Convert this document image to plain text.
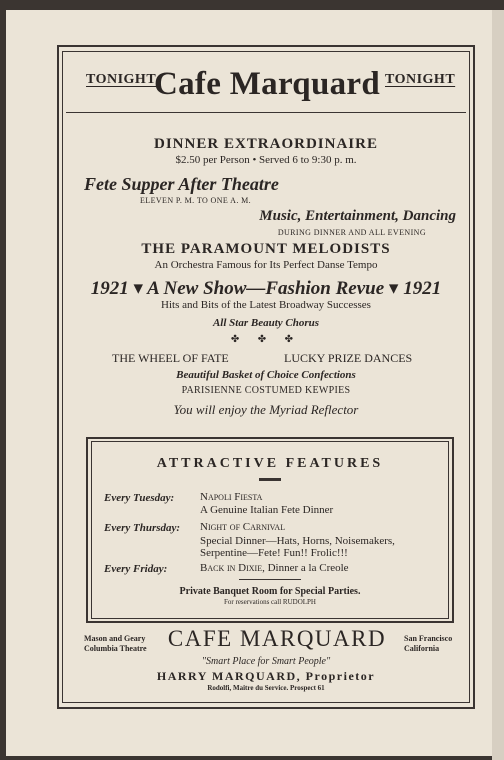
TONIGHT
Cafe Marquard TONIGHT
DINNER EXTRAORDINAIRE
$2.50 per Person • Served 6 to 9:30 p. m.
Fete Supper After Theatre
ELEVEN P. M. TO ONE A. M.
Music, Entertainment, Dancing
DURING DINNER AND ALL EVENING
THE PARAMOUNT MELODISTS
An Orchestra Famous for Its Perfect Danse Tempo
1921 ▾ A New Show—Fashion Revue ▾ 1921
Hits and Bits of the Latest Broadway Successes
All Star Beauty Chorus
✤ ✤ ✤
THE WHEEL OF FATE	LUCKY PRIZE DANCES
Beautiful Basket of Choice Confections
PARISIENNE COSTUMED KEWPIES
You will enjoy the Myriad Reflector
ATTRACTIVE FEATURES
Every Tuesday: Napoli Fiesta
A Genuine Italian Fete Dinner
Every Thursday: Night of Carnival
Special Dinner—Hats, Horns, Noisemakers,
Serpentine—Fete! Fun!! Frolic!!!
Every Friday:	Back in Dixie, Dinner a la Creole
Private Banquet Room for Special Parties.
For reservations call RUDOLPH
Mason and Geary
Columbia Theatre CAFE MARQUARD	San Francisco
California
"Smart Place for Smart People"
HARRY MARQUARD, Proprietor
Rodolfi, Maitre du Service. Prospect 61
